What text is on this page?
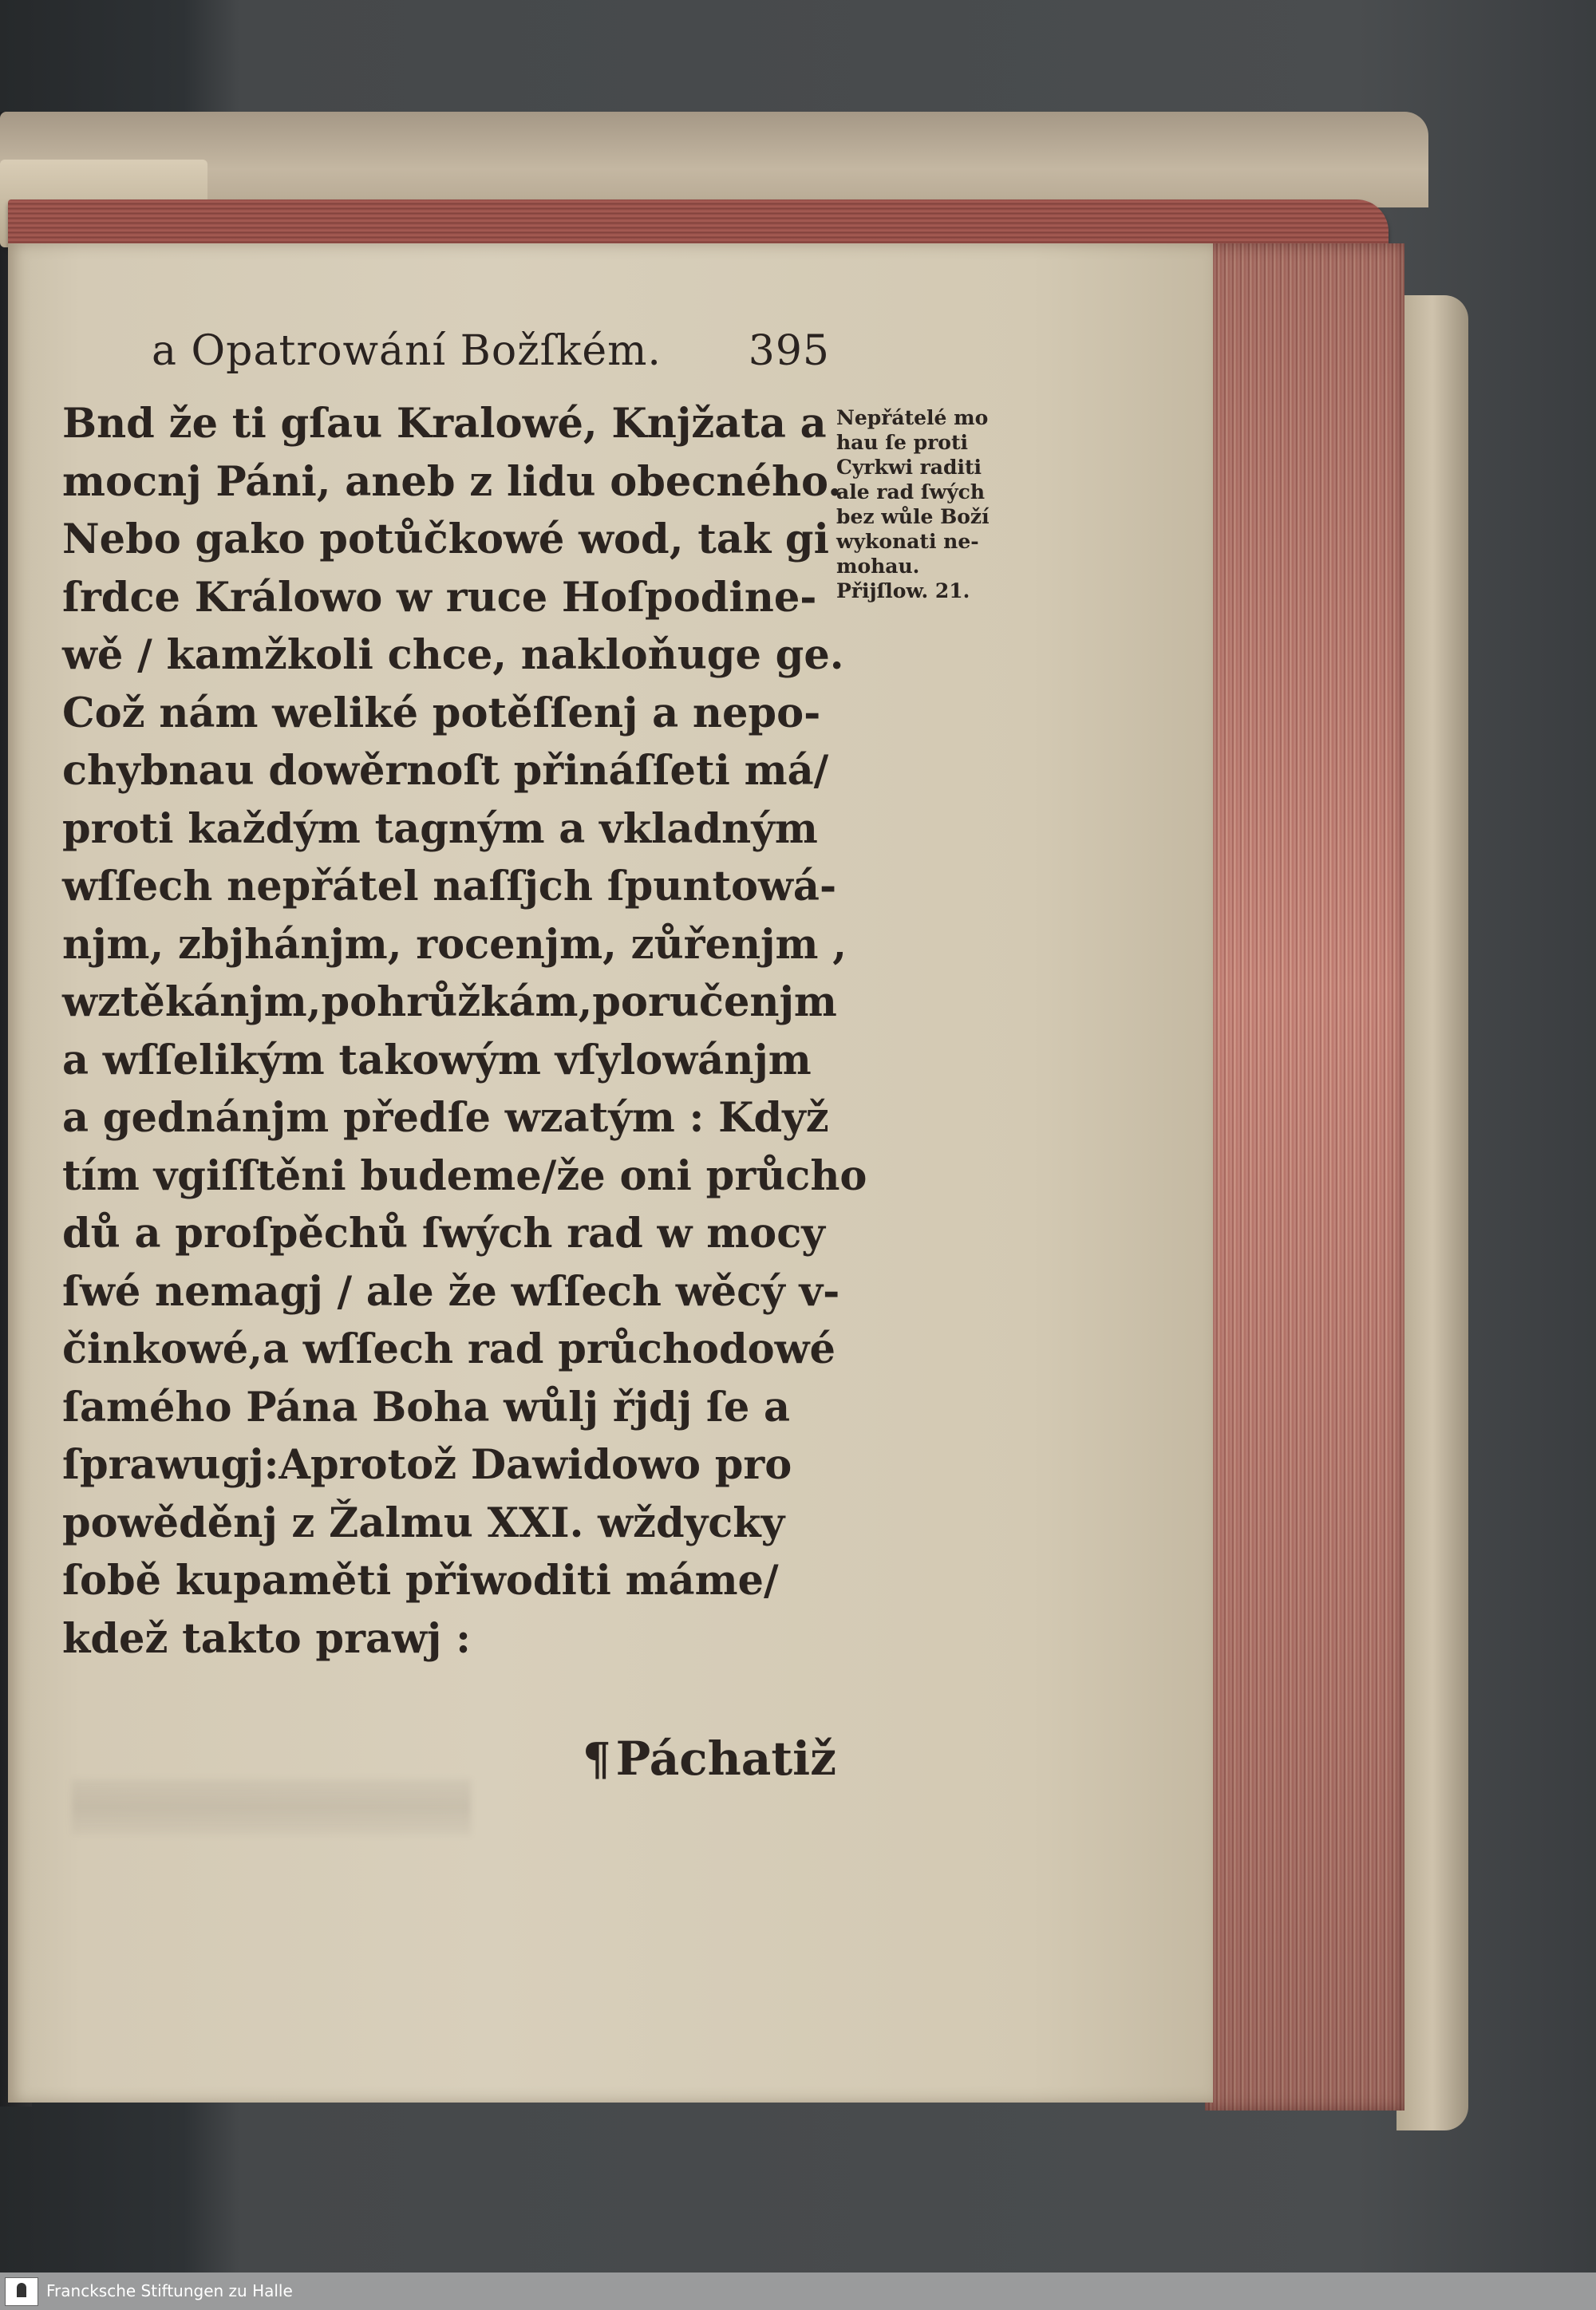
a Opatrowání Božſkém. 395
Bnd že ti gſau Kralowé, Knjžata a
mocnj Páni, aneb z lidu obecného.
Nebo gako potůčkowé wod, tak gi
ſrdce Králowo w ruce Hoſpodine-
wě / kamžkoli chce, nakloňuge ge.
Což nám weliké potěſſenj a nepo-
chybnau dowěrnoſt přináſſeti má/
proti každým tagným a vkladným
wſſech nepřátel naſſjch ſpuntowá-
njm, zbjhánjm, rocenjm, zůřenjm ,
wztěkánjm,pohrůžkám,poručenjm
a wſſelikým takowým vſylowánjm
a gednánjm předſe wzatým : Když
tím vgiſſtěni budeme/že oni průcho
dů a proſpěchů ſwých rad w mocy
ſwé nemagj / ale že wſſech wěcý v-
činkowé,a wſſech rad průchodowé
ſamého Pána Boha wůlj řjdj ſe a
ſprawugj:Aprotož Dawidowo pro
powěděnj z Žalmu XXI. wždycky
ſobě kupaměti přiwoditi máme/
kdež takto prawj :
Nepřátelé mo
hau ſe proti
Cyrkwi raditi
ale rad ſwých
bez wůle Boží
wykonati ne-
mohau.
Přijſlow. 21.
¶ Páchatiž
Francksche Stiftungen zu Halle
